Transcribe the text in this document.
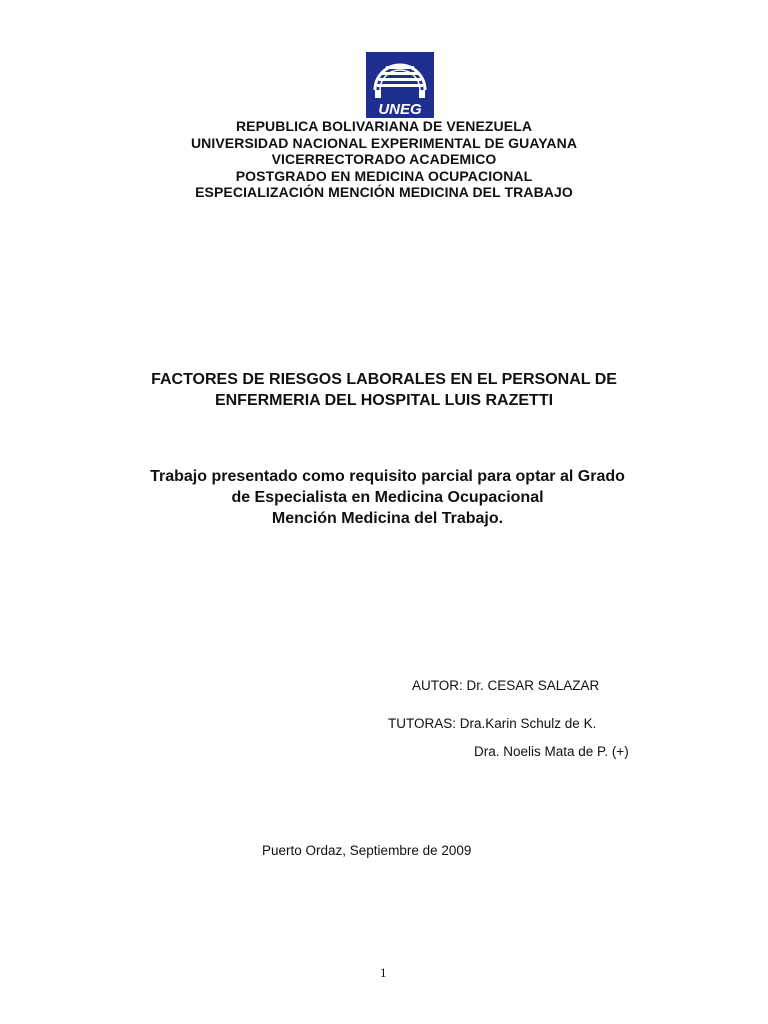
UNEG
REPUBLICA BOLIVARIANA DE VENEZUELA
UNIVERSIDAD NACIONAL EXPERIMENTAL DE GUAYANA
VICERRECTORADO ACADEMICO
POSTGRADO EN MEDICINA OCUPACIONAL
ESPECIALIZACIÓN MENCIÓN MEDICINA DEL TRABAJO
FACTORES DE RIESGOS LABORALES EN EL PERSONAL DE
ENFERMERIA DEL HOSPITAL LUIS RAZETTI
Trabajo presentado como requisito parcial para optar al Grado
de Especialista en Medicina Ocupacional
Mención Medicina del Trabajo.
AUTOR: Dr. CESAR SALAZAR
TUTORAS: Dra.Karin Schulz de K.
Dra. Noelis Mata de P. (+)
Puerto Ordaz, Septiembre de 2009
1
